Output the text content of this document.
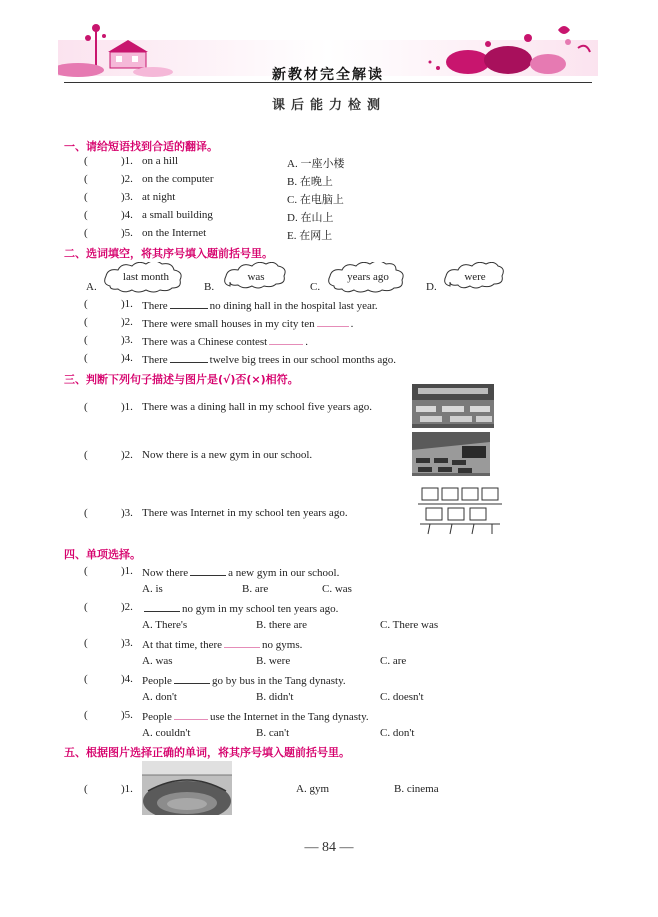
新教材完全解读
课后能力检测
一、请给短语找到合适的翻译。
(	)1. on a hill	A. 一座小楼
(	)2. on the computer	B. 在晚上
(	)3. at night	C. 在电脑上
(	)4. a small building	D. 在山上
(	)5. on the Internet	E. 在网上
二、选词填空，将其序号填入题前括号里。
A.
last month
B.
was
C.
years ago
D.
were
(	)1. There	no dining hall in the hospital last year.
(	)2. There were small houses in my city ten	.
(	)3. There was a Chinese contest	.
(	)4. There	twelve big trees in our school months ago.
三、判断下列句子描述与图片是(√)否(×)相符。
(	)1. There was a dining hall in my school five years ago.
(	)2. Now there is a new gym in our school.
(	)3. There was Internet in my school ten years ago.
四、单项选择。
(	)1. Now there	a new gym in our school.
A. is	B. are	C. was
(	)2.	no gym in my school ten years ago.
A. There's	B. there are	C. There was
(	)3. At that time, there	no gyms.
A. was	B. were	C. are
(	)4. People	go by bus in the Tang dynasty.
A. don't	B. didn't	C. doesn't
(	)5. People	use the Internet in the Tang dynasty.
A. couldn't	B. can't	C. don't
五、根据图片选择正确的单词，将其序号填入题前括号里。
(	)1.	A. gym	B. cinema
— 84 —
